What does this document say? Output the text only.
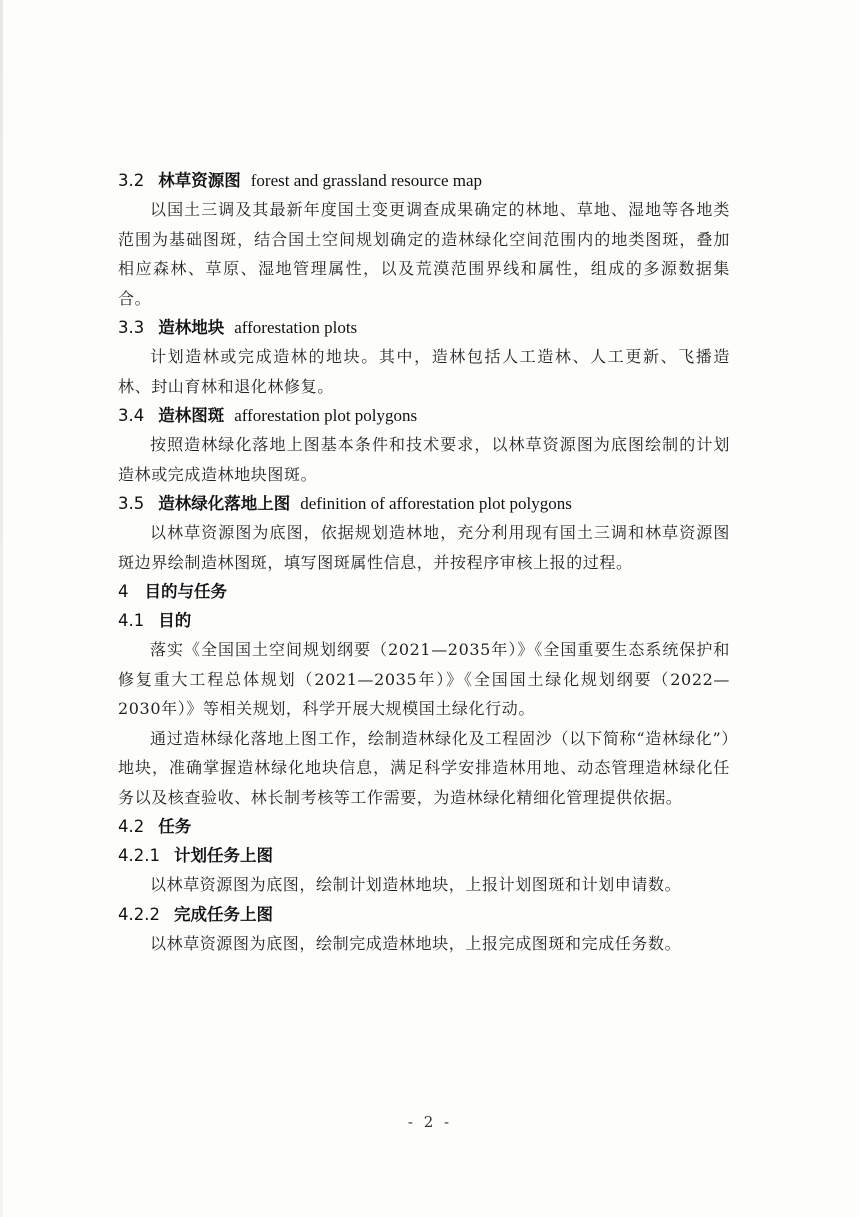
3.2 林草资源图 forest and grassland resource map

以国土三调及其最新年度国土变更调查成果确定的林地、草地、湿地等各地类范围为基础图斑，结合国土空间规划确定的造林绿化空间范围内的地类图斑，叠加相应森林、草原、湿地管理属性，以及荒漠范围界线和属性，组成的多源数据集合。

3.3 造林地块 afforestation plots

计划造林或完成造林的地块。其中，造林包括人工造林、人工更新、飞播造林、封山育林和退化林修复。

3.4 造林图斑 afforestation plot polygons

按照造林绿化落地上图基本条件和技术要求，以林草资源图为底图绘制的计划造林或完成造林地块图斑。

3.5 造林绿化落地上图 definition of afforestation plot polygons

以林草资源图为底图，依据规划造林地，充分利用现有国土三调和林草资源图斑边界绘制造林图斑，填写图斑属性信息，并按程序审核上报的过程。

4 目的与任务
4.1 目的

落实《全国国土空间规划纲要（2021—2035年）》《全国重要生态系统保护和修复重大工程总体规划（2021—2035年）》《全国国土绿化规划纲要（2022—2030年）》等相关规划，科学开展大规模国土绿化行动。

通过造林绿化落地上图工作，绘制造林绿化及工程固沙（以下简称“造林绿化”）地块，准确掌握造林绿化地块信息，满足科学安排造林用地、动态管理造林绿化任务以及核查验收、林长制考核等工作需要，为造林绿化精细化管理提供依据。

4.2 任务
4.2.1 计划任务上图

以林草资源图为底图，绘制计划造林地块，上报计划图斑和计划申请数。

4.2.2 完成任务上图

以林草资源图为底图，绘制完成造林地块，上报完成图斑和完成任务数。

- 2 -
